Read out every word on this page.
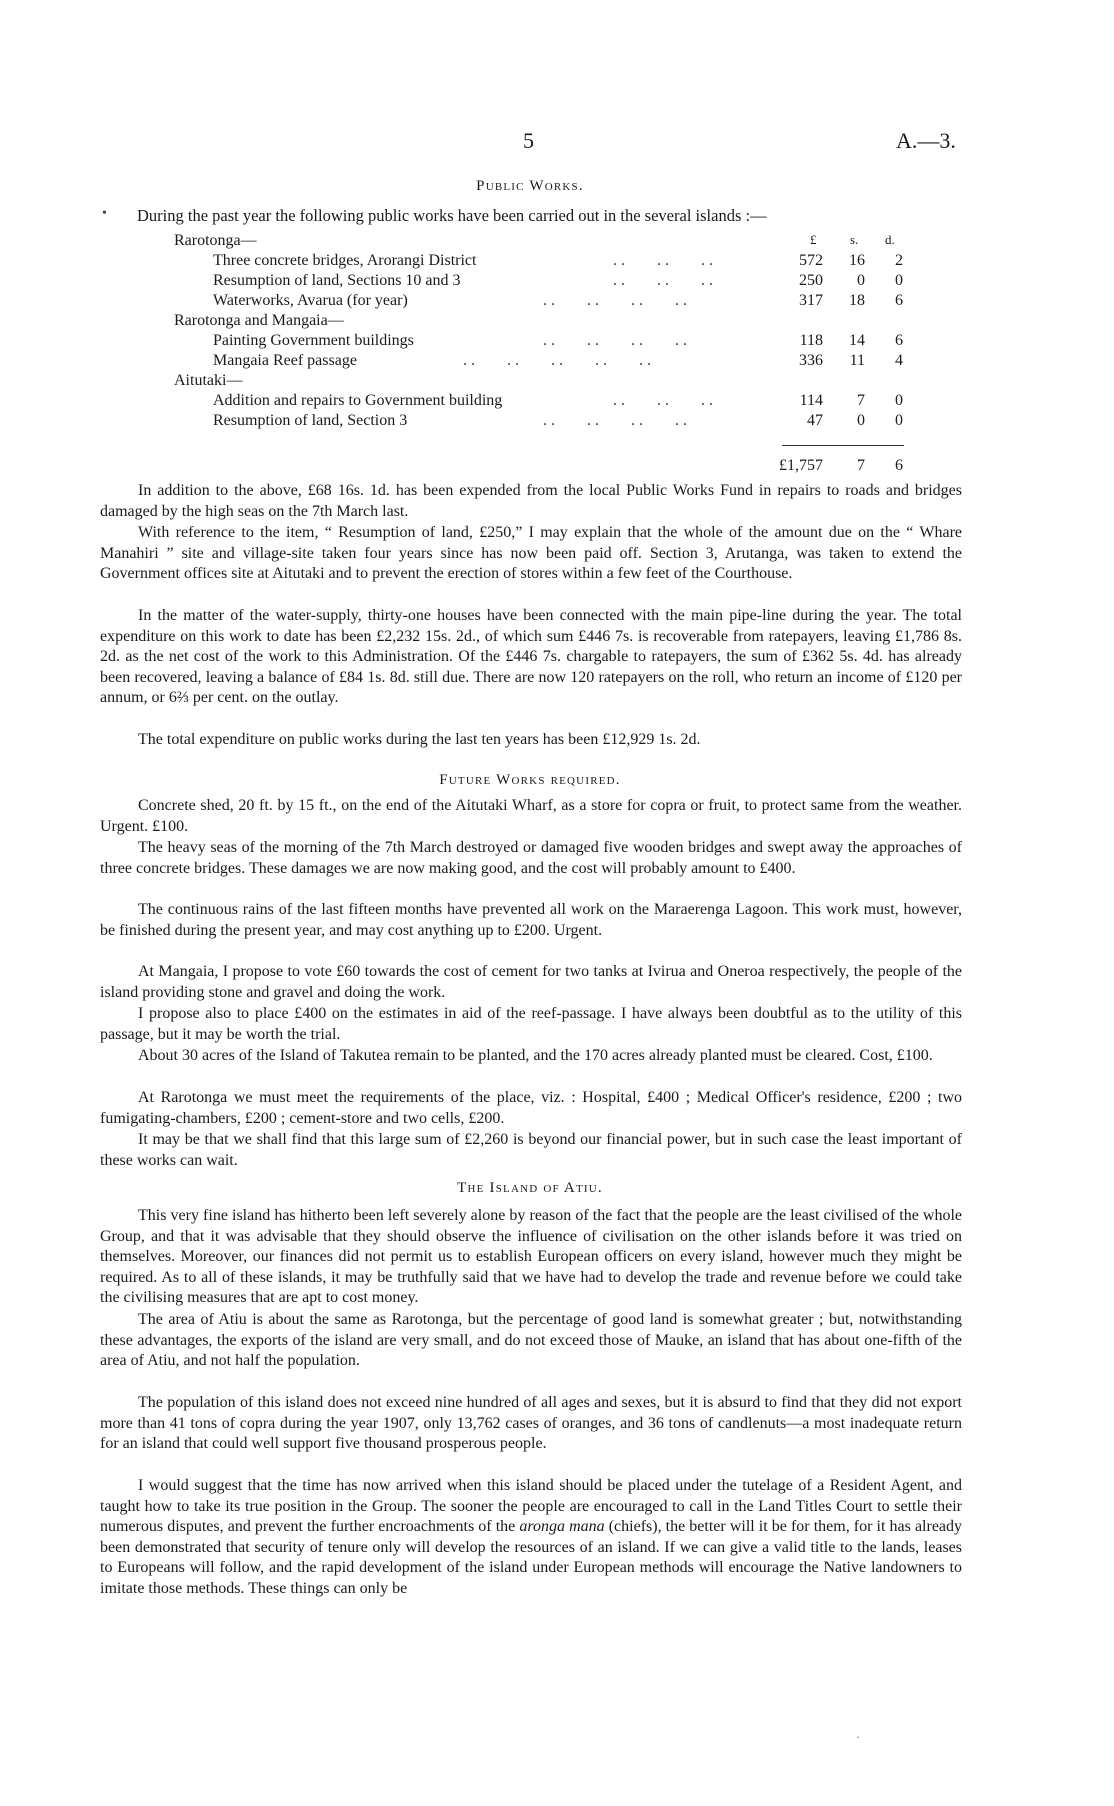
5	A.—3.
Public Works.
• During the past year the following public works have been carried out in the several islands :—
£	s. d.
Rarotonga—
Three concrete bridges, Arorangi District	. .        . .        . .	572	16	2
Resumption of land, Sections 10 and 3	. .        . .        . .	250	0	0
Waterworks, Avarua (for year)	. .        . .        . .        . .	317	18	6
Rarotonga and Mangaia—
Painting Government buildings	. .        . .        . .        . .	118	14	6
Mangaia Reef passage	. .        . .        . .        . .        . .	336	11	4
Aitutaki—
Addition and repairs to Government building	. .        . .        . .	114	7	0
Resumption of land, Section 3	. .        . .        . .        . .	47	0	0
£1,757	7	6

In addition to the above, £68 16s. 1d. has been expended from the local Public Works Fund in repairs to roads and bridges damaged by the high seas on the 7th March last.

With reference to the item, “ Resumption of land, £250,” I may explain that the whole of the amount due on the “ Whare Manahiri ” site and village-site taken four years since has now been paid off. Section 3, Arutanga, was taken to extend the Government offices site at Aitutaki and to prevent the erection of stores within a few feet of the Courthouse.

In the matter of the water-supply, thirty-one houses have been connected with the main pipe-line during the year. The total expenditure on this work to date has been £2,232 15s. 2d., of which sum £446 7s. is recoverable from ratepayers, leaving £1,786 8s. 2d. as the net cost of the work to this Administration. Of the £446 7s. chargable to ratepayers, the sum of £362 5s. 4d. has already been recovered, leaving a balance of £84 1s. 8d. still due. There are now 120 ratepayers on the roll, who return an income of £120 per annum, or 6⅔ per cent. on the outlay.

The total expenditure on public works during the last ten years has been £12,929 1s. 2d.

Future Works required.

Concrete shed, 20 ft. by 15 ft., on the end of the Aitutaki Wharf, as a store for copra or fruit, to protect same from the weather. Urgent. £100.

The heavy seas of the morning of the 7th March destroyed or damaged five wooden bridges and swept away the approaches of three concrete bridges. These damages we are now making good, and the cost will probably amount to £400.

The continuous rains of the last fifteen months have prevented all work on the Maraerenga Lagoon. This work must, however, be finished during the present year, and may cost anything up to £200. Urgent.

At Mangaia, I propose to vote £60 towards the cost of cement for two tanks at Ivirua and Oneroa respectively, the people of the island providing stone and gravel and doing the work.

I propose also to place £400 on the estimates in aid of the reef-passage. I have always been doubtful as to the utility of this passage, but it may be worth the trial.

About 30 acres of the Island of Takutea remain to be planted, and the 170 acres already planted must be cleared. Cost, £100.

At Rarotonga we must meet the requirements of the place, viz. : Hospital, £400 ; Medical Officer's residence, £200 ; two fumigating-chambers, £200 ; cement-store and two cells, £200.

It may be that we shall find that this large sum of £2,260 is beyond our financial power, but in such case the least important of these works can wait.

The Island of Atiu.

This very fine island has hitherto been left severely alone by reason of the fact that the people are the least civilised of the whole Group, and that it was advisable that they should observe the influence of civilisation on the other islands before it was tried on themselves. Moreover, our finances did not permit us to establish European officers on every island, however much they might be required. As to all of these islands, it may be truthfully said that we have had to develop the trade and revenue before we could take the civilising measures that are apt to cost money.

The area of Atiu is about the same as Rarotonga, but the percentage of good land is somewhat greater ; but, notwithstanding these advantages, the exports of the island are very small, and do not exceed those of Mauke, an island that has about one-fifth of the area of Atiu, and not half the population.

The population of this island does not exceed nine hundred of all ages and sexes, but it is absurd to find that they did not export more than 41 tons of copra during the year 1907, only 13,762 cases of oranges, and 36 tons of candlenuts—a most inadequate return for an island that could well support five thousand prosperous people.

I would suggest that the time has now arrived when this island should be placed under the tutelage of a Resident Agent, and taught how to take its true position in the Group. The sooner the people are encouraged to call in the Land Titles Court to settle their numerous disputes, and prevent the further encroachments of the aronga mana (chiefs), the better will it be for them, for it has already been demonstrated that security of tenure only will develop the resources of an island. If we can give a valid title to the lands, leases to Europeans will follow, and the rapid development of the island under European methods will encourage the Native landowners to imitate those methods. These things can only be

·
